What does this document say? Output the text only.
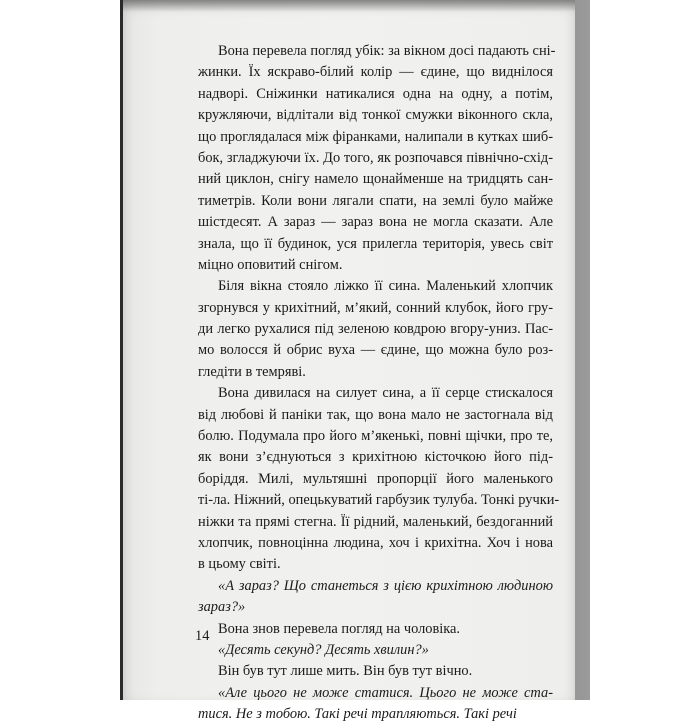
Вона перевела погляд убік: за вікном досі падають сні-
жинки. Їх яскраво-білий колір — єдине, що виднілося
надворі. Сніжинки натикалися одна на одну, а потім,
кружляючи, відлітали від тонкої смужки віконного скла,
що проглядалася між фіранками, налипали в кутках шиб-
бок, згладжуючи їх. До того, як розпочався північно-схід-
ний циклон, снігу намело щонайменше на тридцять сан-
тиметрів. Коли вони лягали спати, на землі було майже
шістдесят. А зараз — зараз вона не могла сказати. Але
знала, що її будинок, уся прилегла територія, увесь світ
міцно оповитий снігом.
Біля вікна стояло ліжко її сина. Маленький хлопчик
згорнувся у крихітний, м’який, сонний клубок, його гру-
ди легко рухалися під зеленою ковдрою вгору-униз. Пас-
мо волосся й обрис вуха — єдине, що можна було роз-
гледіти в темряві.
Вона дивилася на силует сина, а її серце стискалося
від любові й паніки так, що вона мало не застогнала від
болю. Подумала про його м’якенькі, повні щічки, про те,
як вони з’єднуються з крихітною кісточкою його під-
боріддя. Милі, мультяшні пропорції його маленького
ті-ла. Ніжний, опецькуватий гарбузик тулуба. Тонкі ручки-
ніжки та прямі стегна. Її рідний, маленький, бездоганний
хлопчик, повноцінна людина, хоч і крихітна. Хоч і нова
в цьому світі.
«А зараз? Що станеться з цією крихітною людиною
зараз?»
Вона знов перевела погляд на чоловіка.
«Десять секунд? Десять хвилин?»
Він був тут лише мить. Він був тут вічно.
«Але цього не може статися. Цього не може ста-
тися. Не з тобою. Такі речі трапляються. Такі речі
14
